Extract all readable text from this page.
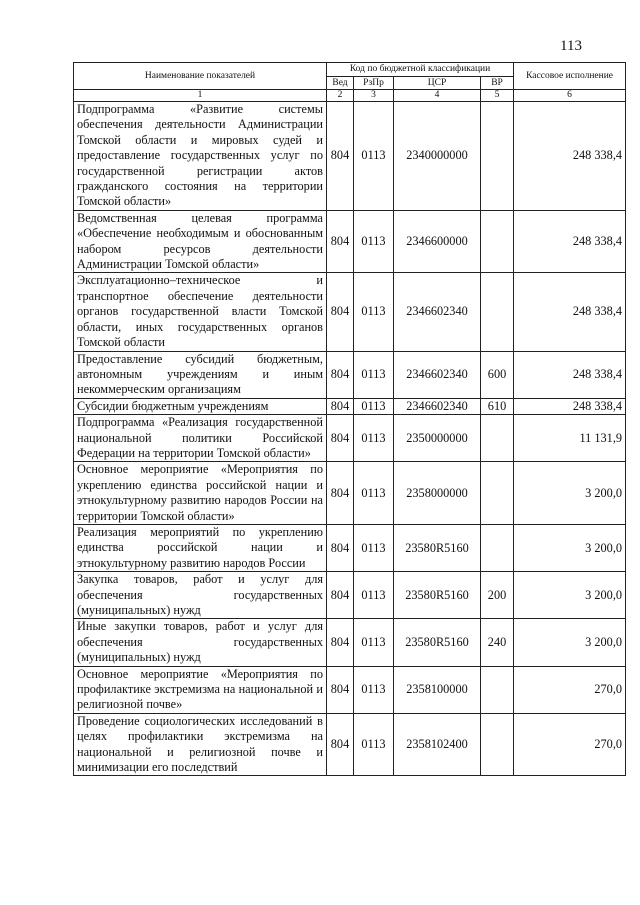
113
Наименование показателей	Код по бюджетной классификации				Кассовое исполнение
	Вед	РзПр	ЦСР	ВР	
1	2	3	4	5	6
Подпрограмма «Развитие системы обеспечения деятельности Администрации Томской области и мировых судей и предоставление государственных услуг по государственной регистрации актов гражданского состояния на территории Томской области»	804	0113	2340000000		248 338,4
Ведомственная целевая программа «Обеспечение необходимым и обоснованным набором ресурсов деятельности Администрации Томской области»	804	0113	2346600000		248 338,4
Эксплуатационно–техническое и транспортное обеспечение деятельности органов государственной власти Томской области, иных государственных органов Томской области	804	0113	2346602340		248 338,4
Предоставление субсидий бюджетным, автономным учреждениям и иным некоммерческим организациям	804	0113	2346602340	600	248 338,4
Субсидии бюджетным учреждениям	804	0113	2346602340	610	248 338,4
Подпрограмма «Реализация государственной национальной политики Российской Федерации на территории Томской области»	804	0113	2350000000		11 131,9
Основное мероприятие «Мероприятия по укреплению единства российской нации и этнокультурному развитию народов России на территории Томской области»	804	0113	2358000000		3 200,0
Реализация мероприятий по укреплению единства российской нации и этнокультурному развитию народов России	804	0113	23580R5160		3 200,0
Закупка товаров, работ и услуг для обеспечения государственных (муниципальных) нужд	804	0113	23580R5160	200	3 200,0
Иные закупки товаров, работ и услуг для обеспечения государственных (муниципальных) нужд	804	0113	23580R5160	240	3 200,0
Основное мероприятие «Мероприятия по профилактике экстремизма на национальной и религиозной почве»	804	0113	2358100000		270,0
Проведение социологических исследований в целях профилактики экстремизма на национальной и религиозной почве и минимизации его последствий	804	0113	2358102400		270,0
